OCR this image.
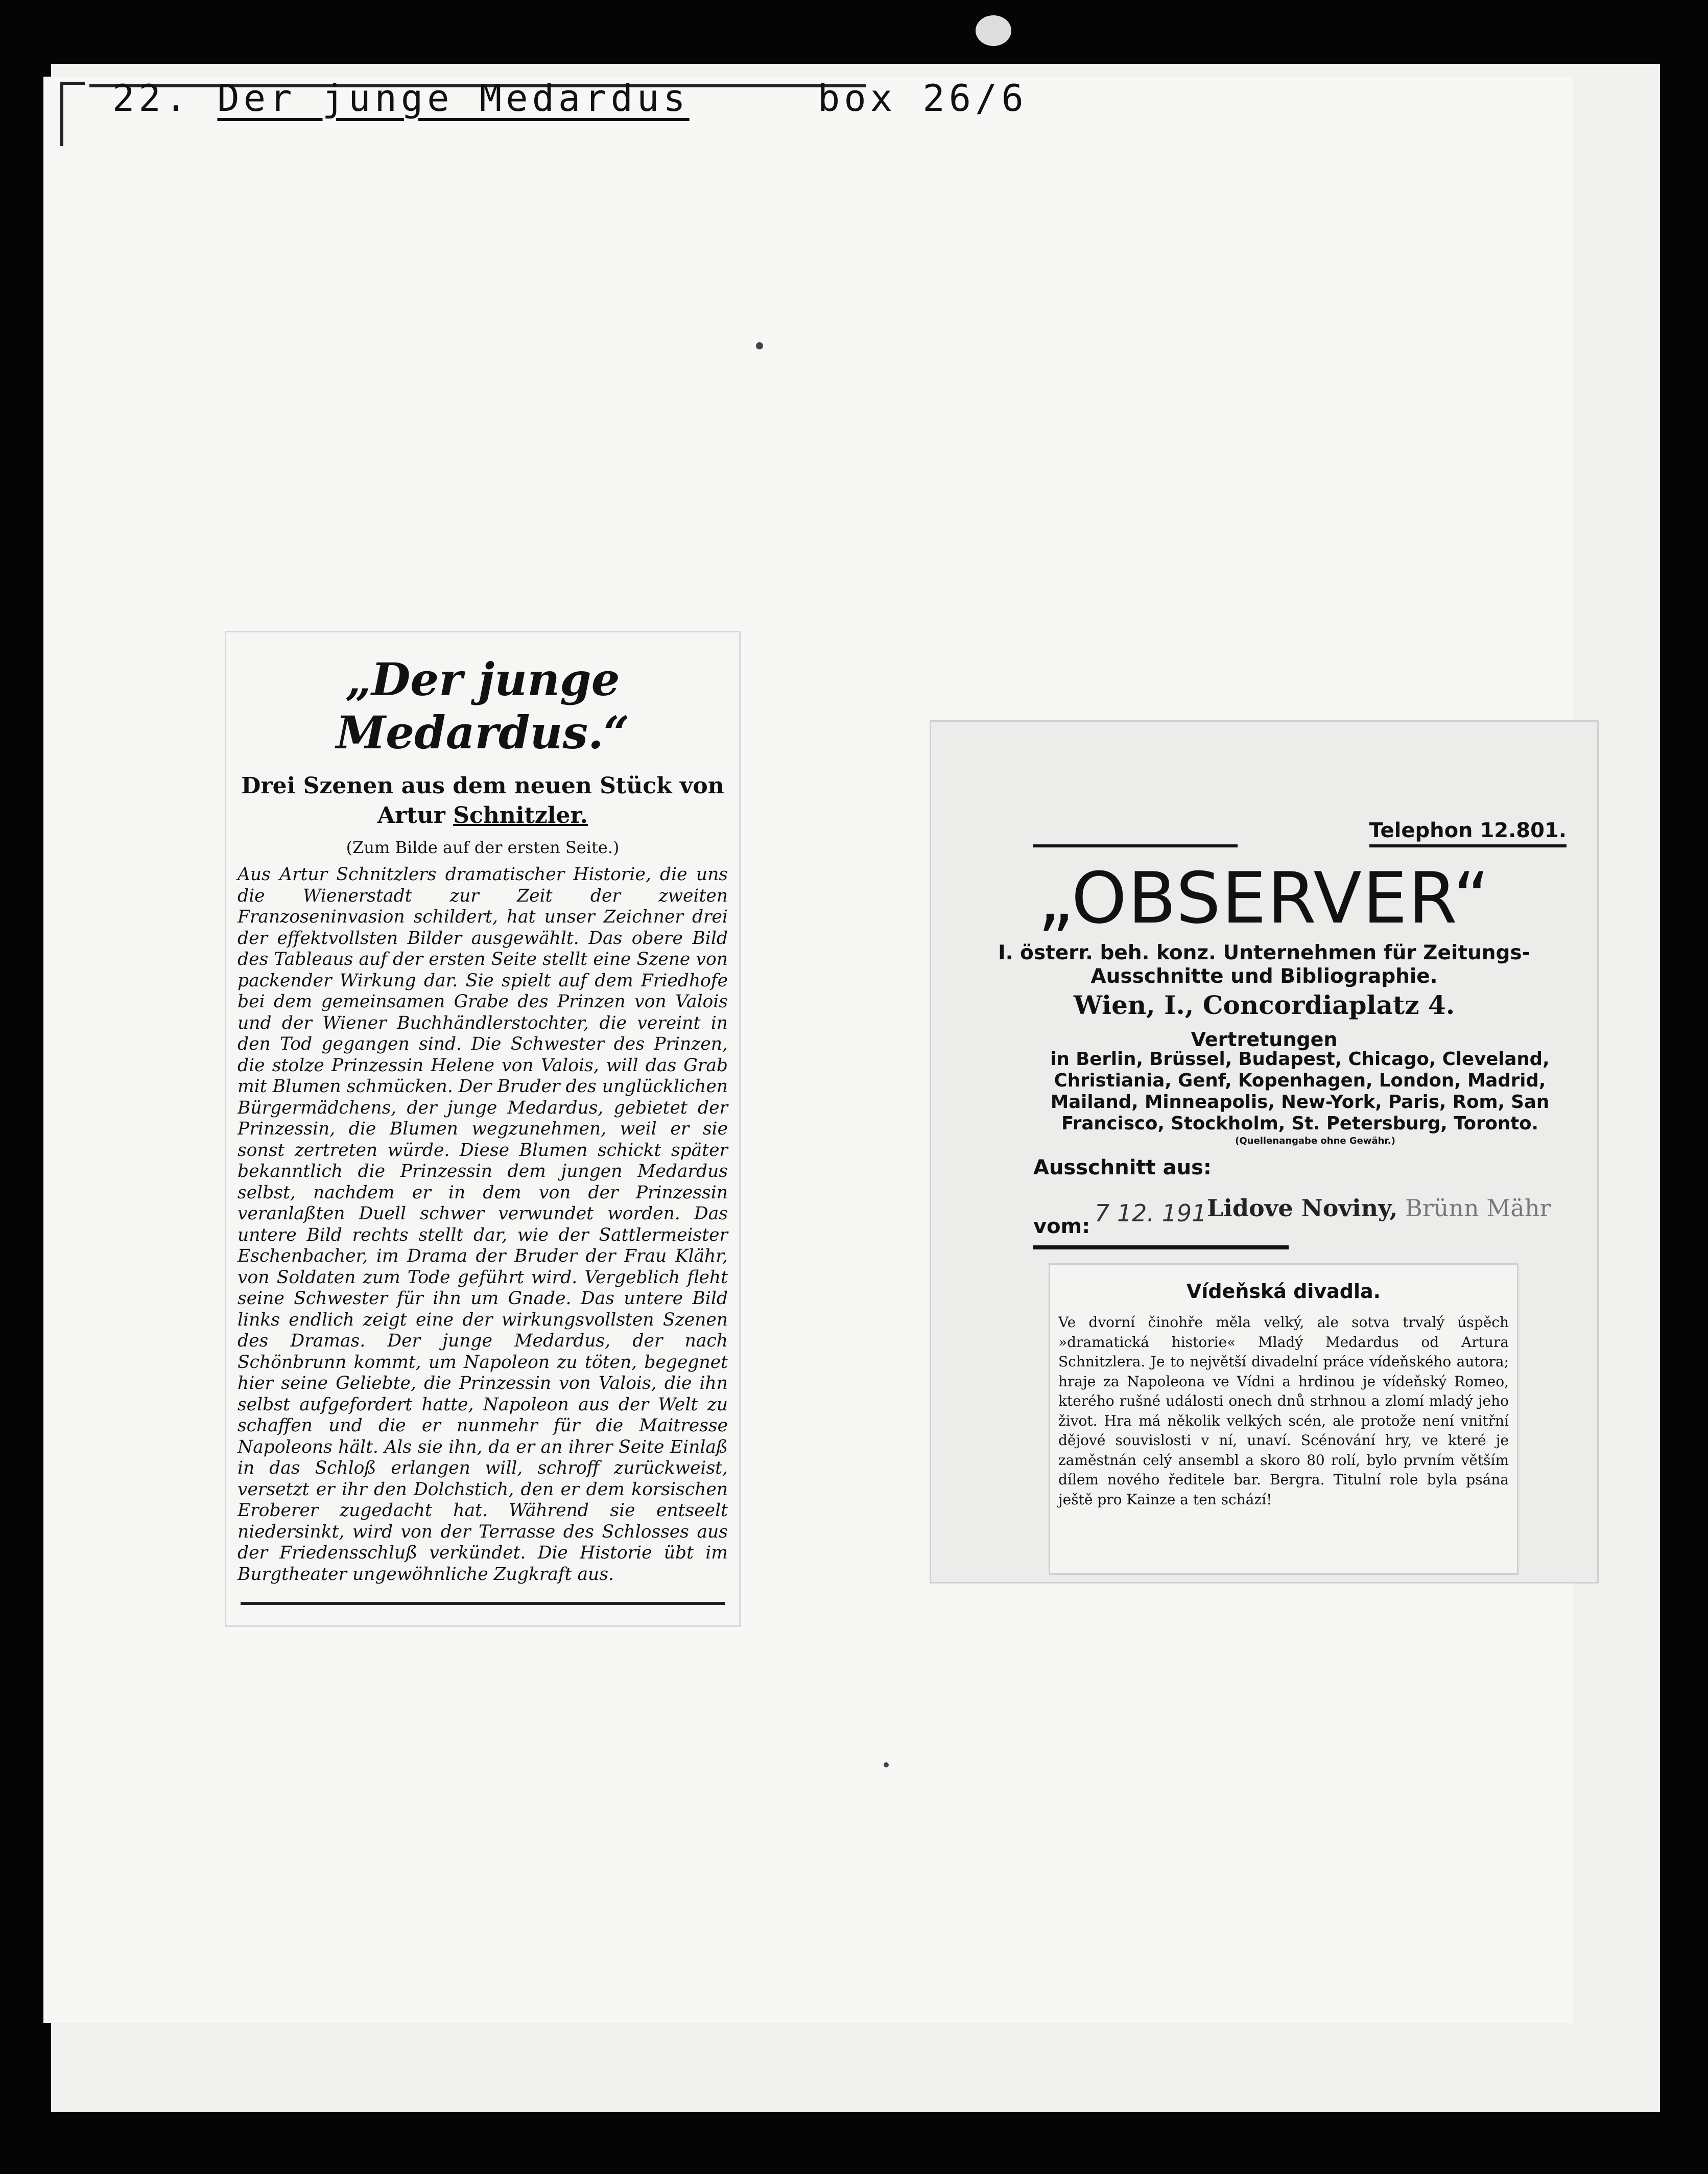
22. Der junge Medardus	box 26/6
„Der junge Medardus.“
Drei Szenen aus dem neuen Stück von
Artur Schnitzler.
(Zum Bilde auf der ersten Seite.)
Aus Artur Schnitzlers dramatischer Historie, die uns die Wienerstadt zur Zeit der zweiten Franzoseninvasion schildert, hat unser Zeichner drei der effektvollsten Bilder ausgewählt. Das obere Bild des Tableaus auf der ersten Seite stellt eine Szene von packender Wirkung dar. Sie spielt auf dem Friedhofe bei dem gemeinsamen Grabe des Prinzen von Valois und der Wiener Buchhändlerstochter, die vereint in den Tod gegangen sind. Die Schwester des Prinzen, die stolze Prinzessin Helene von Valois, will das Grab mit Blumen schmücken. Der Bruder des unglücklichen Bürgermädchens, der junge Medardus, gebietet der Prinzessin, die Blumen wegzunehmen, weil er sie sonst zertreten würde. Diese Blumen schickt später bekanntlich die Prinzessin dem jungen Medardus selbst, nachdem er in dem von der Prinzessin veranlaßten Duell schwer verwundet worden. Das untere Bild rechts stellt dar, wie der Sattlermeister Eschenbacher, im Drama der Bruder der Frau Klähr, von Soldaten zum Tode geführt wird. Vergeblich fleht seine Schwester für ihn um Gnade. Das untere Bild links endlich zeigt eine der wirkungsvollsten Szenen des Dramas. Der junge Medardus, der nach Schönbrunn kommt, um Napoleon zu töten, begegnet hier seine Geliebte, die Prinzessin von Valois, die ihn selbst aufgefordert hatte, Napoleon aus der Welt zu schaffen und die er nunmehr für die Maitresse Napoleons hält. Als sie ihn, da er an ihrer Seite Einlaß in das Schloß erlangen will, schroff zurückweist, versetzt er ihr den Dolchstich, den er dem korsischen Eroberer zugedacht hat. Während sie entseelt niedersinkt, wird von der Terrasse des Schlosses aus der Friedensschluß verkündet. Die Historie übt im Burgtheater ungewöhnliche Zugkraft aus.
Telephon 12.801.
„OBSERVER“
I. österr. beh. konz. Unternehmen für Zeitungs-Ausschnitte und Bibliographie.
Wien, I., Concordiaplatz 4.
Vertretungen
in Berlin, Brüssel, Budapest, Chicago, Cleveland, Christiania, Genf, Kopenhagen, London, Madrid, Mailand, Minneapolis, New-York, Paris, Rom, San Francisco, Stockholm, St. Petersburg, Toronto.
(Quellenangabe ohne Gewähr.)
Ausschnitt aus:
vom: 7 12. 191 Lidove Noviny, Brünn Mähr
Vídeňská divadla.
Ve dvorní činohře měla velký, ale sotva trvalý úspěch »dramatická historie« Mladý Medardus od Artura Schnitzlera. Je to největší divadelní práce vídeňského autora; hraje za Napoleona ve Vídni a hrdinou je vídeňský Romeo, kterého rušné události onech dnů strhnou a zlomí mladý jeho život. Hra má několik velkých scén, ale protože není vnitřní dějové souvislosti v ní, unaví. Scénování hry, ve které je zaměstnán celý ansembl a skoro 80 rolí, bylo prvním větším dílem nového ředitele bar. Bergra. Titulní role byla psána ještě pro Kainze a ten schází!
